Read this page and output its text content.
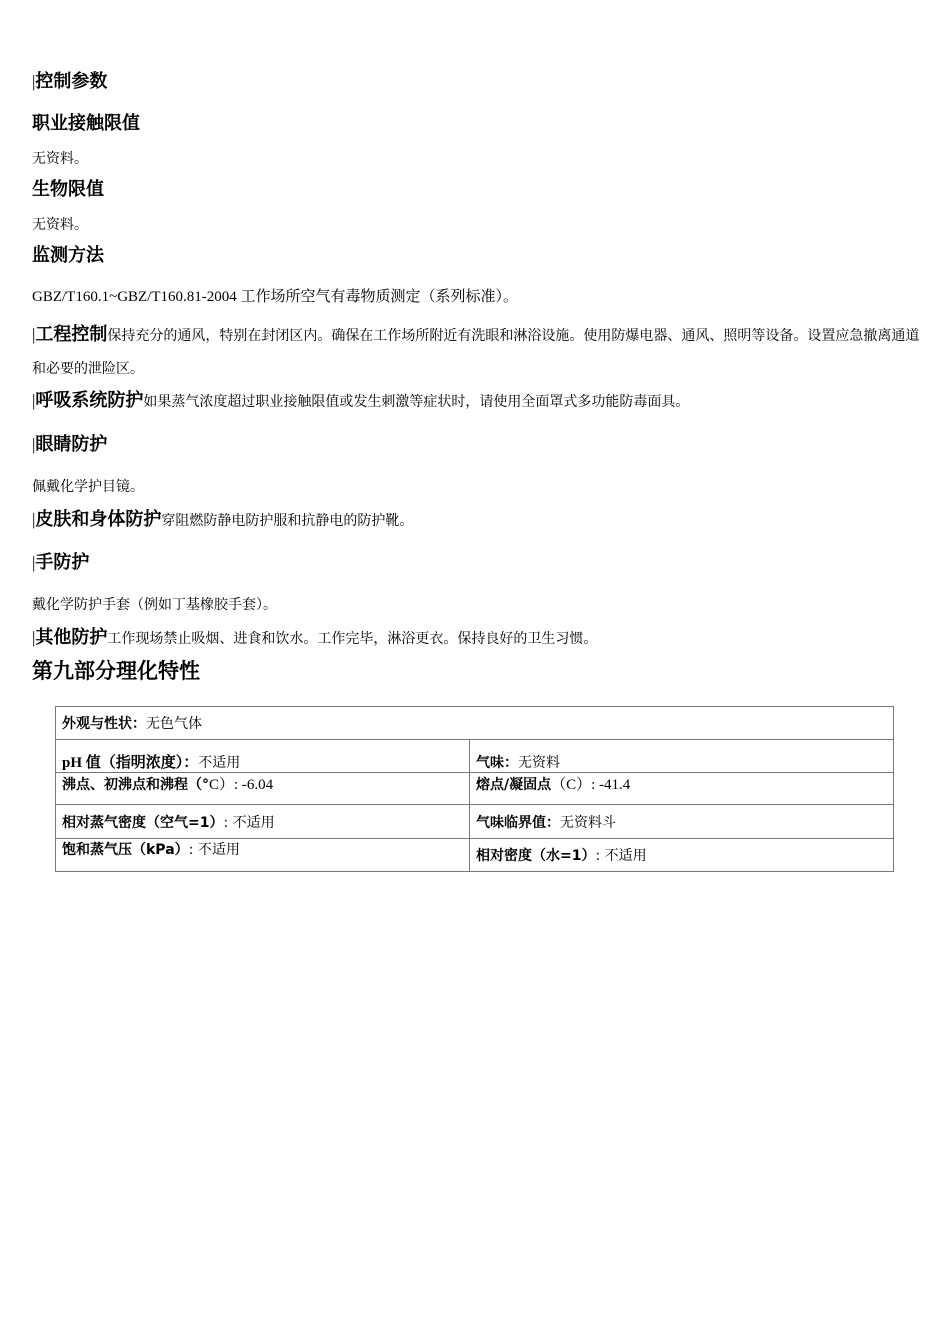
|控制参数
职业接触限值
无资料。
生物限值
无资料。
监测方法
GBZ/T160.1~GBZ/T160.81-2004 工作场所空气有毒物质测定（系列标准）。
|工程控制保持充分的通风，特别在封闭区内。确保在工作场所附近有洗眼和淋浴设施。使用防爆电器、通风、照明等设备。设置应急撤离通道和必要的泄险区。
|呼吸系统防护如果蒸气浓度超过职业接触限值或发生刺激等症状时，请使用全面罩式多功能防毒面具。
|眼睛防护
佩戴化学护目镜。
|皮肤和身体防护穿阻燃防静电防护服和抗静电的防护靴。
|手防护
戴化学防护手套（例如丁基橡胶手套）。
|其他防护工作现场禁止吸烟、进食和饮水。工作完毕，淋浴更衣。保持良好的卫生习惯。
第九部分理化特性
外观与性状：无色气体	
pH 值（指明浓度）：不适用	气味：无资料
沸点、初沸点和沸程（°C）: -6.04	熔点/凝固点（C）: -41.4
相对蒸气密度（空气=1）: 不适用	气味临界值：无资料斗
饱和蒸气压（kPa）: 不适用	相对密度（水=1）: 不适用
